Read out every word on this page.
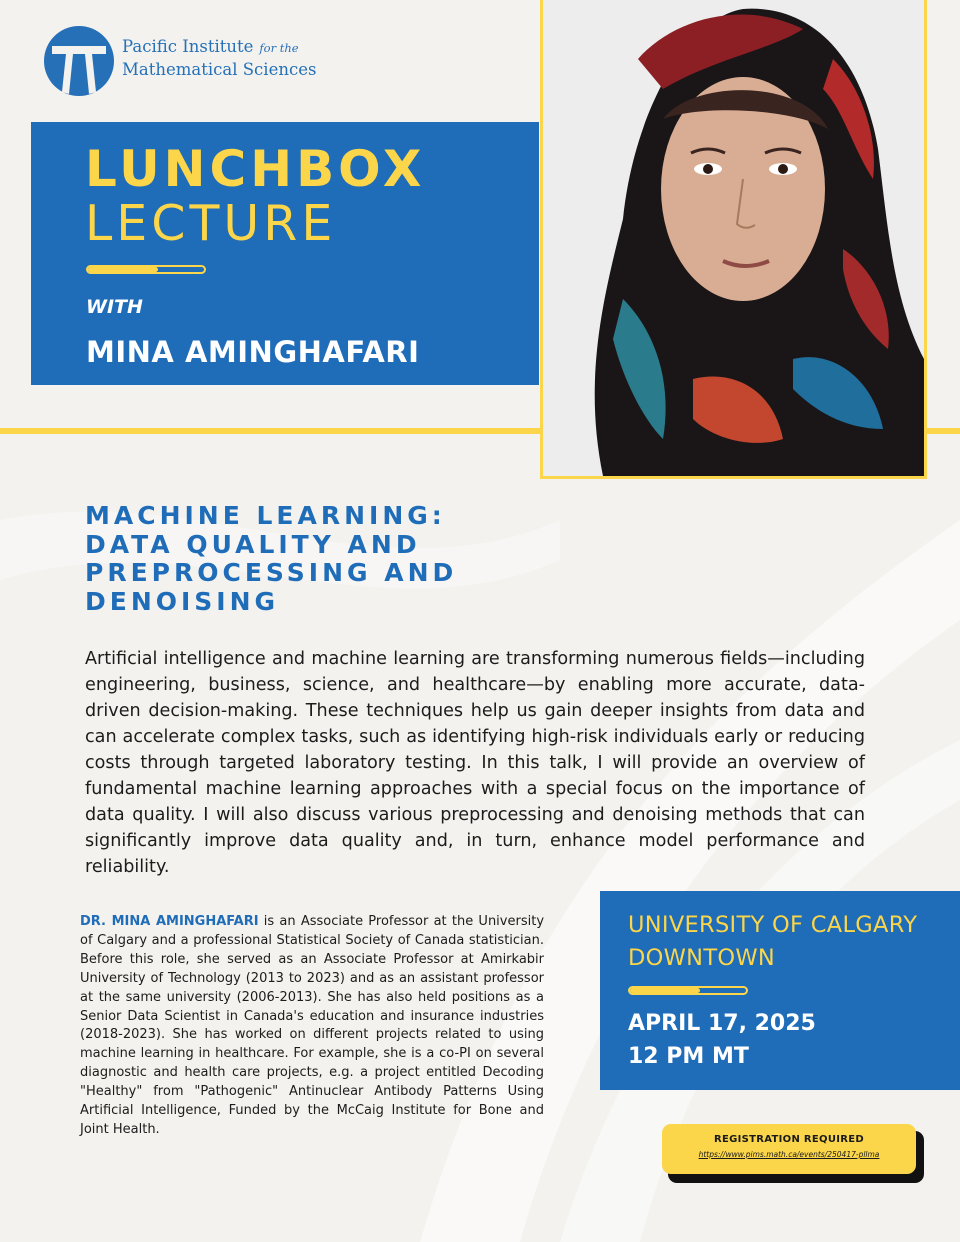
Pacific Institute for the
Mathematical Sciences
LUNCHBOX
LECTURE
WITH
MINA AMINGHAFARI
MACHINE LEARNING: DATA QUALITY AND PREPROCESSING AND DENOISING

Artificial intelligence and machine learning are transforming numerous fields—including engineering, business, science, and healthcare—by enabling more accurate, data-driven decision-making. These techniques help us gain deeper insights from data and can accelerate complex tasks, such as identifying high-risk individuals early or reducing costs through targeted laboratory testing. In this talk, I will provide an overview of fundamental machine learning approaches with a special focus on the importance of data quality. I will also discuss various preprocessing and denoising methods that can significantly improve data quality and, in turn, enhance model performance and reliability.

DR. MINA AMINGHAFARI is an Associate Professor at the University of Calgary and a professional Statistical Society of Canada statistician. Before this role, she served as an Associate Professor at Amirkabir University of Technology (2013 to 2023) and as an assistant professor at the same university (2006-2013). She has also held positions as a Senior Data Scientist in Canada's education and insurance industries (2018-2023). She has worked on different projects related to using machine learning in healthcare. For example, she is a co-PI on several diagnostic and health care projects, e.g. a project entitled Decoding "Healthy" from "Pathogenic" Antinuclear Antibody Patterns Using Artificial Intelligence, Funded by the McCaig Institute for Bone and Joint Health.

UNIVERSITY OF CALGARY
DOWNTOWN
APRIL 17, 2025
12 PM MT
REGISTRATION REQUIRED
https://www.pims.math.ca/events/250417-pllma
